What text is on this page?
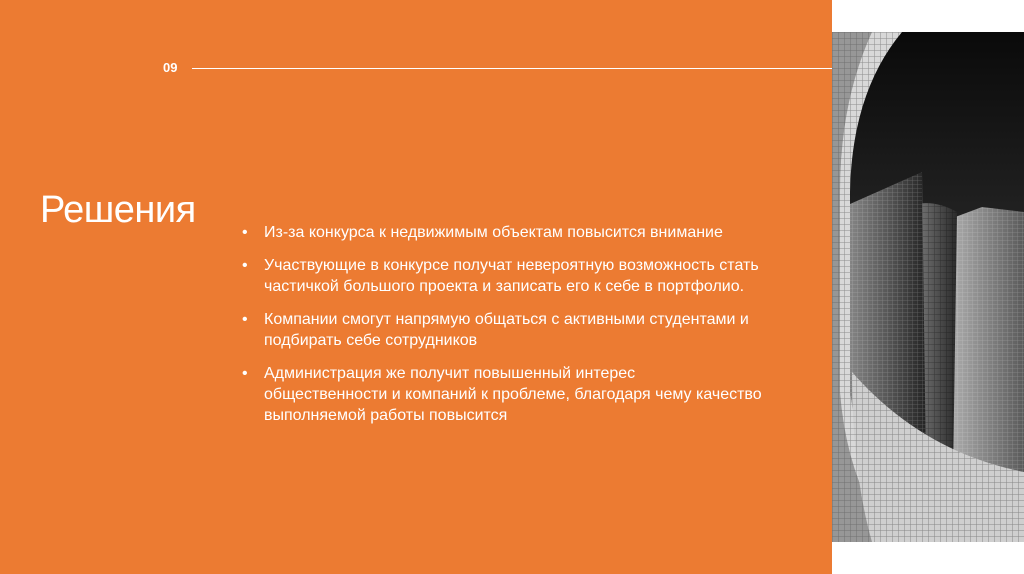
09
Решения
• Из-за конкурса к недвижимым объектам повысится внимание
• Участвующие в конкурсе получат невероятную возможность стать частичкой большого проекта и записать его к себе в портфолио.
• Компании смогут напрямую общаться с активными студентами и подбирать себе сотрудников
• Администрация же получит повышенный интерес общественности и компаний к проблеме, благодаря чему качество выполняемой работы повысится
